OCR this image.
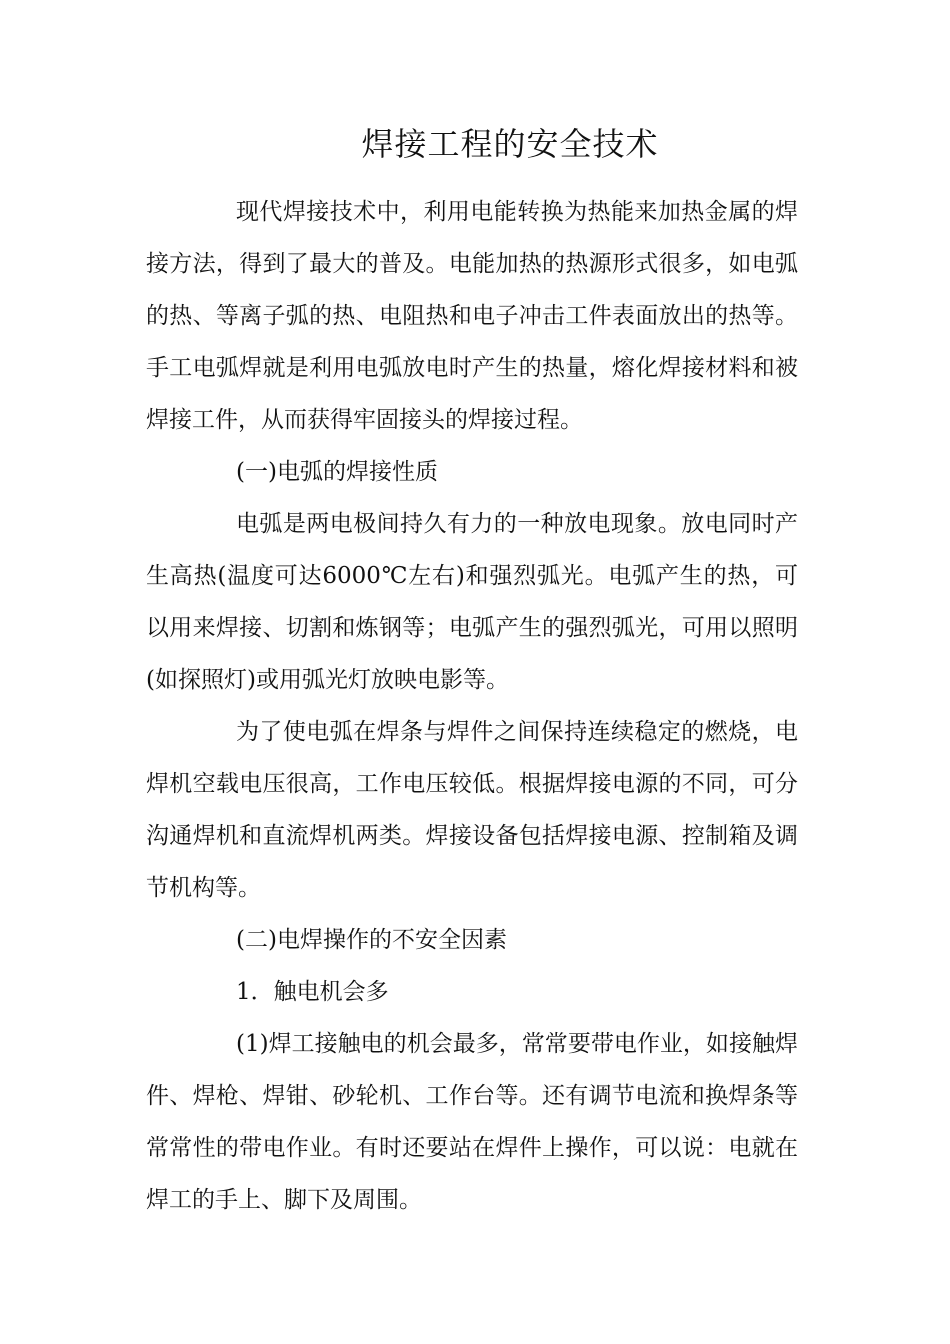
焊接工程的安全技术

现代焊接技术中，利用电能转换为热能来加热金属的焊接方法，得到了最大的普及。电能加热的热源形式很多，如电弧的热、等离子弧的热、电阻热和电子冲击工件表面放出的热等。手工电弧焊就是利用电弧放电时产生的热量，熔化焊接材料和被焊接工件，从而获得牢固接头的焊接过程。

(一)电弧的焊接性质

电弧是两电极间持久有力的一种放电现象。放电同时产生高热(温度可达6000℃左右)和强烈弧光。电弧产生的热，可以用来焊接、切割和炼钢等；电弧产生的强烈弧光，可用以照明(如探照灯)或用弧光灯放映电影等。

为了使电弧在焊条与焊件之间保持连续稳定的燃烧，电焊机空载电压很高，工作电压较低。根据焊接电源的不同，可分沟通焊机和直流焊机两类。焊接设备包括焊接电源、控制箱及调节机构等。

(二)电焊操作的不安全因素

1．触电机会多

(1)焊工接触电的机会最多，常常要带电作业，如接触焊件、焊枪、焊钳、砂轮机、工作台等。还有调节电流和换焊条等常常性的带电作业。有时还要站在焊件上操作，可以说：电就在焊工的手上、脚下及周围。
